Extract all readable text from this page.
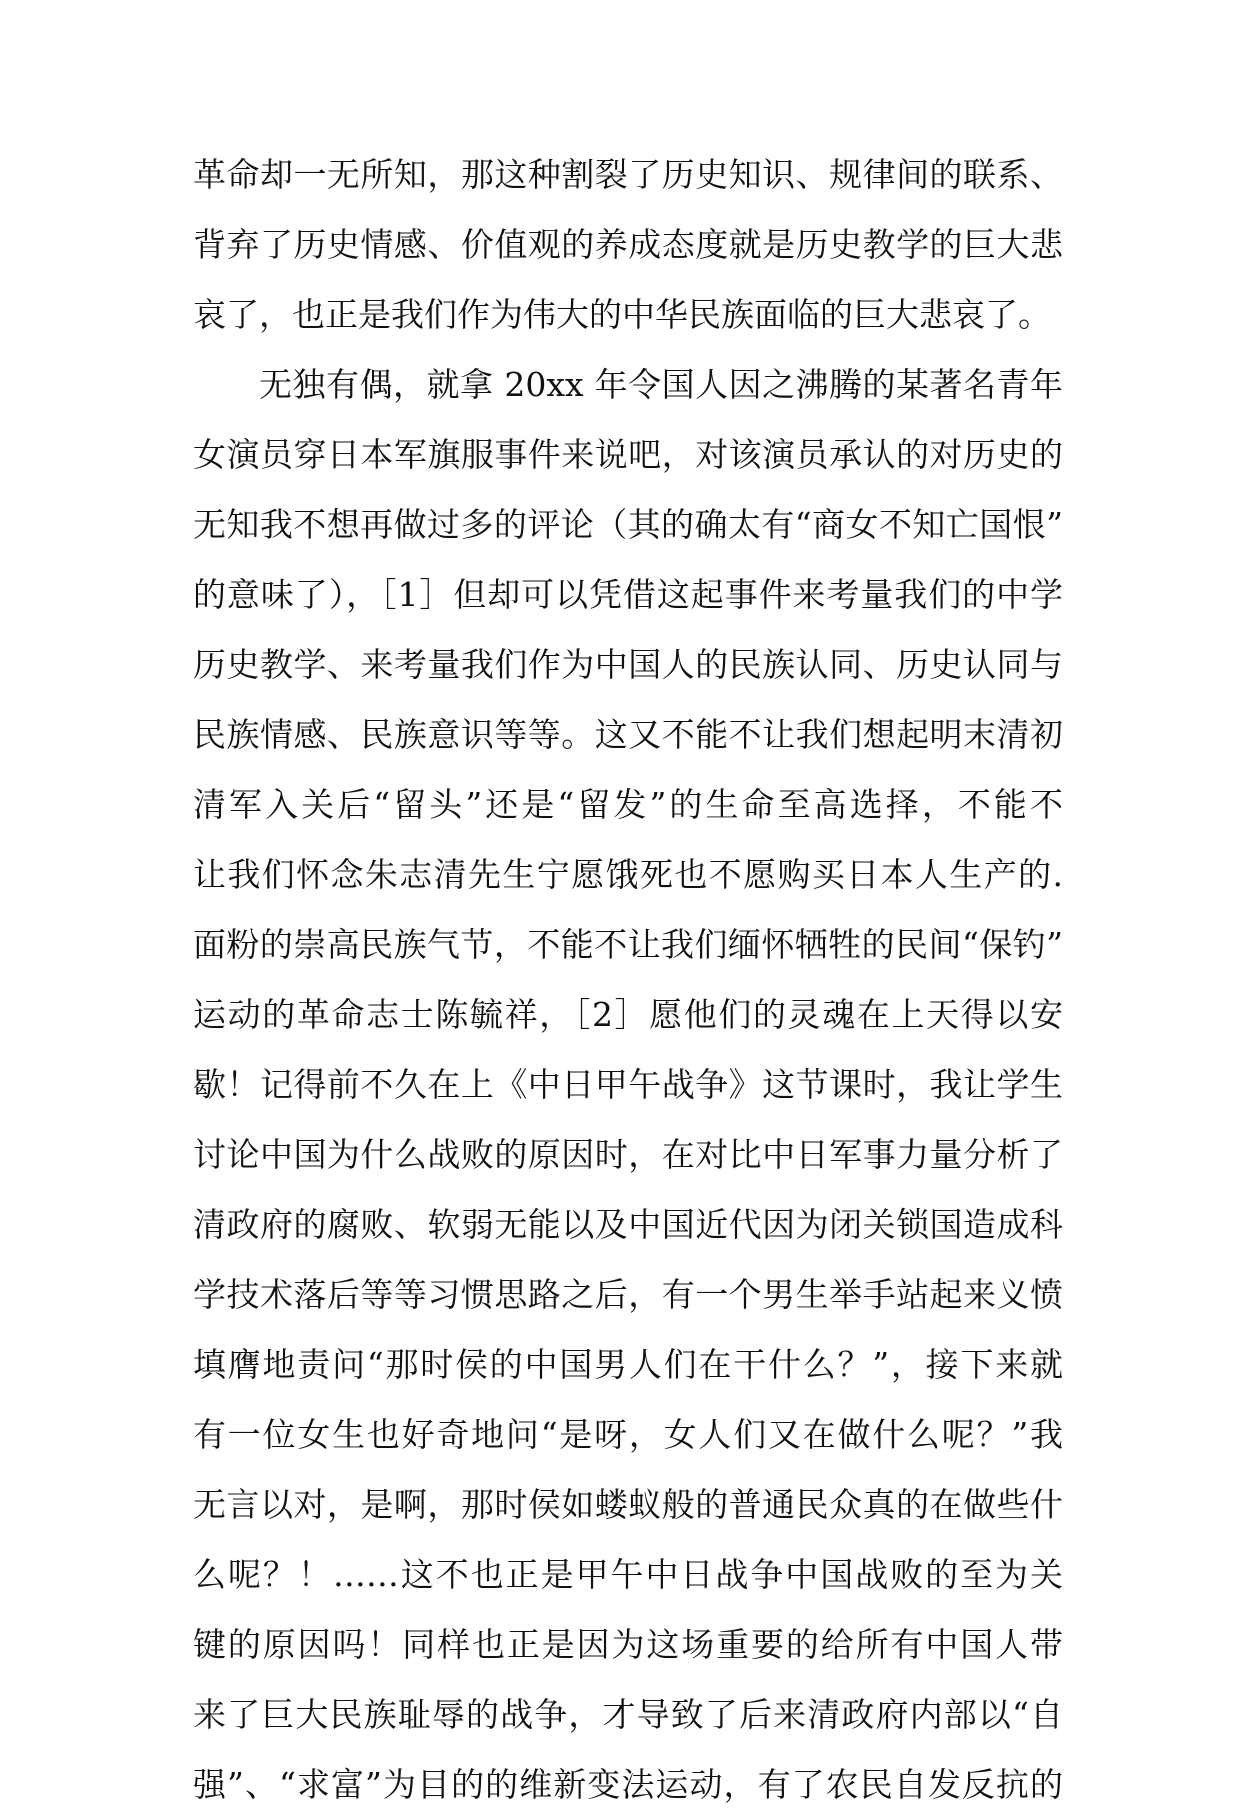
革命却一无所知，那这种割裂了历史知识、规律间的联系、
背弃了历史情感、价值观的养成态度就是历史教学的巨大悲
哀了，也正是我们作为伟大的中华民族面临的巨大悲哀了。
无独有偶，就拿 20xx 年令国人因之沸腾的某著名青年
女演员穿日本军旗服事件来说吧，对该演员承认的对历史的
无知我不想再做过多的评论（其的确太有“商女不知亡国恨”
的意味了），［1］但却可以凭借这起事件来考量我们的中学
历史教学、来考量我们作为中国人的民族认同、历史认同与
民族情感、民族意识等等。这又不能不让我们想起明末清初
清军入关后“留头”还是“留发”的生命至高选择，不能不
让我们怀念朱志清先生宁愿饿死也不愿购买日本人生产的.
面粉的崇高民族气节，不能不让我们缅怀牺牲的民间“保钓”
运动的革命志士陈毓祥，［2］愿他们的灵魂在上天得以安
歇！记得前不久在上《中日甲午战争》这节课时，我让学生
讨论中国为什么战败的原因时，在对比中日军事力量分析了
清政府的腐败、软弱无能以及中国近代因为闭关锁国造成科
学技术落后等等习惯思路之后，有一个男生举手站起来义愤
填膺地责问“那时侯的中国男人们在干什么？”，接下来就
有一位女生也好奇地问“是呀，女人们又在做什么呢？”我
无言以对，是啊，那时侯如蝼蚁般的普通民众真的在做些什
么呢？！……这不也正是甲午中日战争中国战败的至为关
键的原因吗！同样也正是因为这场重要的给所有中国人带
来了巨大民族耻辱的战争，才导致了后来清政府内部以“自
强”、“求富”为目的的维新变法运动，有了农民自发反抗的
